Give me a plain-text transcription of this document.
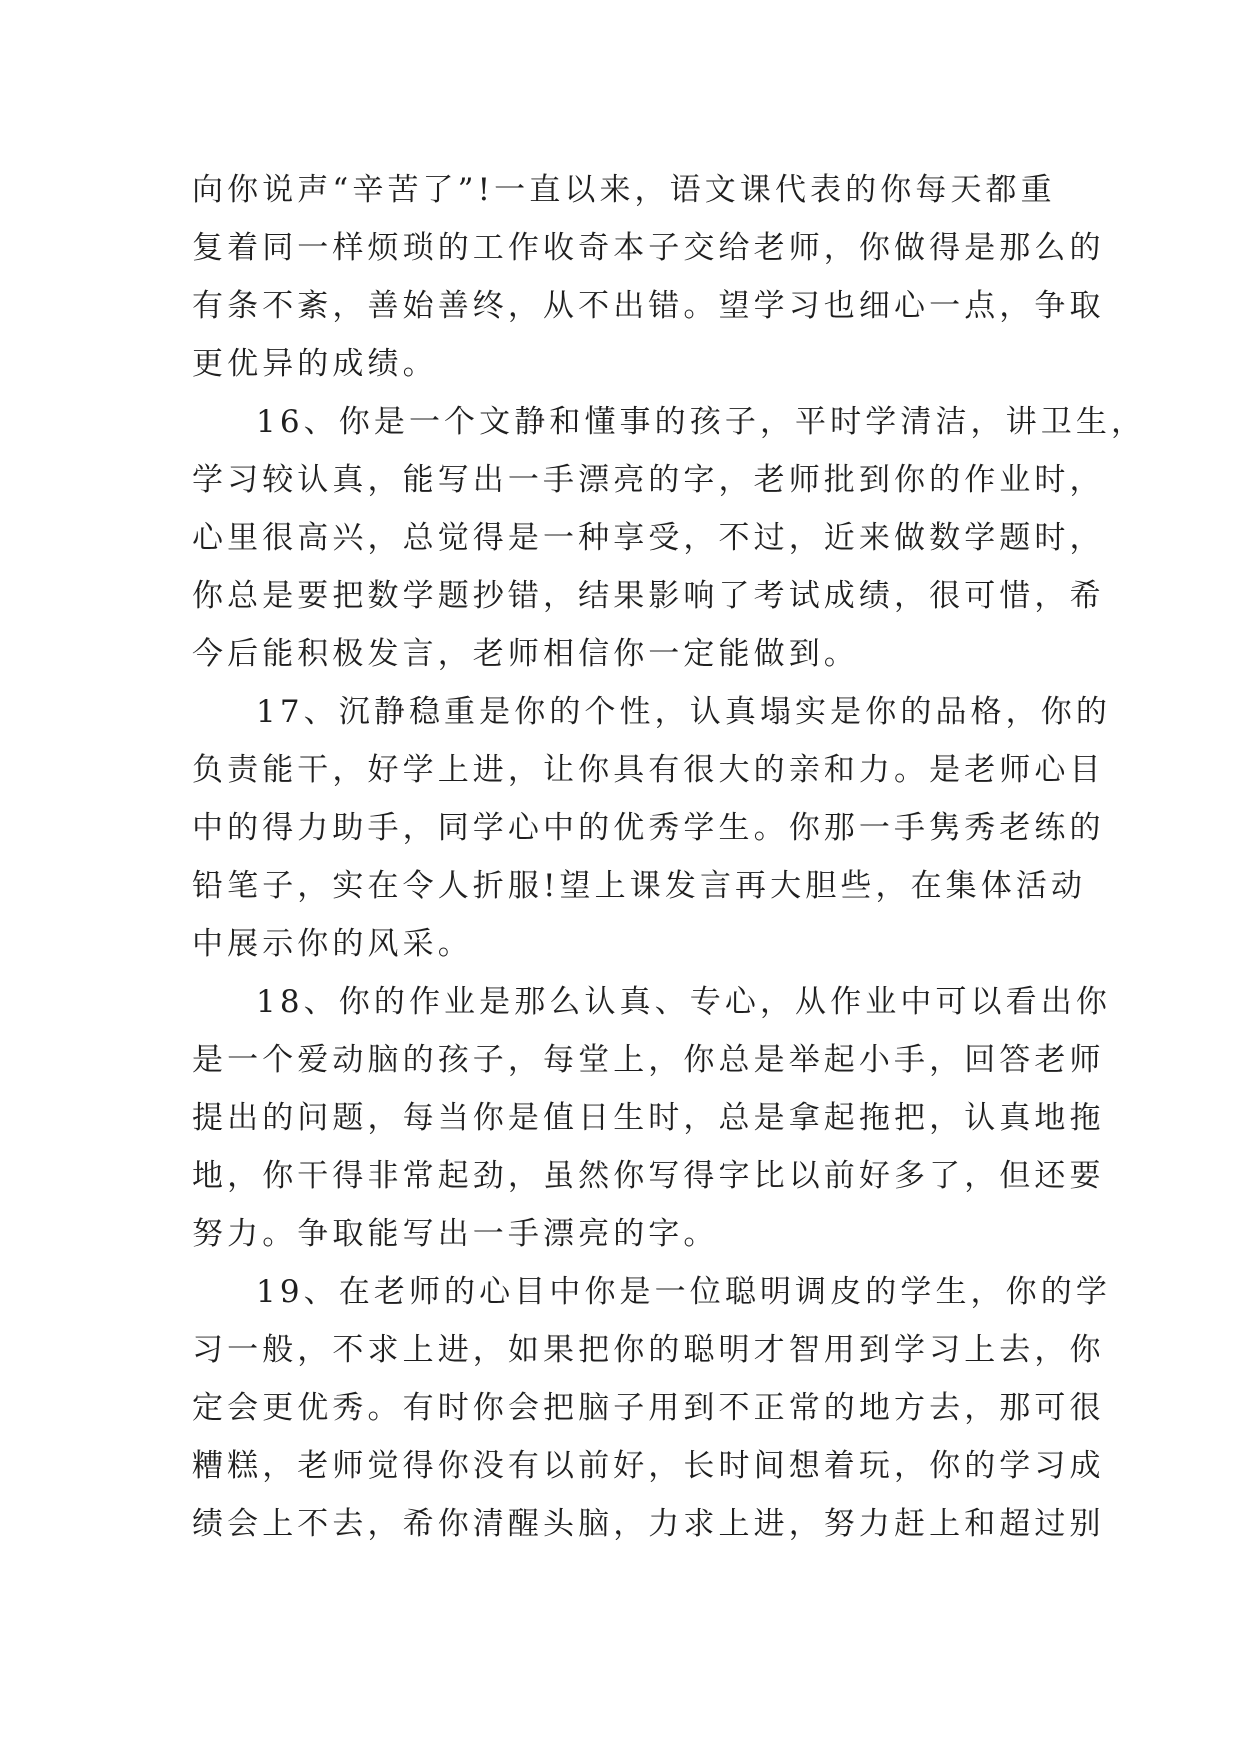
向你说声“辛苦了”!一直以来，语文课代表的你每天都重
复着同一样烦琐的工作收奇本子交给老师，你做得是那么的
有条不紊，善始善终，从不出错。望学习也细心一点，争取
更优异的成绩。
16、你是一个文静和懂事的孩子，平时学清洁，讲卫生，
学习较认真，能写出一手漂亮的字，老师批到你的作业时，
心里很高兴，总觉得是一种享受，不过，近来做数学题时，
你总是要把数学题抄错，结果影响了考试成绩，很可惜，希
今后能积极发言，老师相信你一定能做到。
17、沉静稳重是你的个性，认真塌实是你的品格，你的
负责能干，好学上进，让你具有很大的亲和力。是老师心目
中的得力助手，同学心中的优秀学生。你那一手隽秀老练的
铅笔子，实在令人折服!望上课发言再大胆些，在集体活动
中展示你的风采。
18、你的作业是那么认真、专心，从作业中可以看出你
是一个爱动脑的孩子，每堂上，你总是举起小手，回答老师
提出的问题，每当你是值日生时，总是拿起拖把，认真地拖
地，你干得非常起劲，虽然你写得字比以前好多了，但还要
努力。争取能写出一手漂亮的字。
19、在老师的心目中你是一位聪明调皮的学生，你的学
习一般，不求上进，如果把你的聪明才智用到学习上去，你
定会更优秀。有时你会把脑子用到不正常的地方去，那可很
糟糕，老师觉得你没有以前好，长时间想着玩，你的学习成
绩会上不去，希你清醒头脑，力求上进，努力赶上和超过别
